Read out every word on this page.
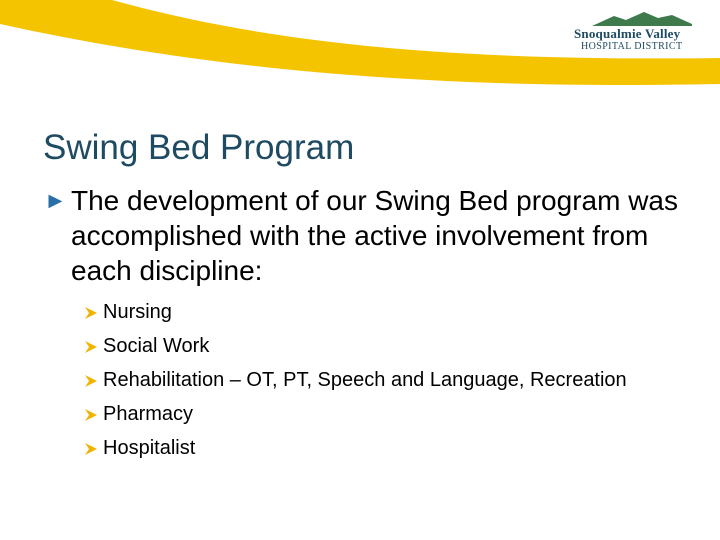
Snoqualmie Valley
HOSPITAL DISTRICT
Swing Bed Program
► The development of our Swing Bed program was accomplished with the active involvement from each discipline:
Nursing
Social Work
Rehabilitation – OT, PT, Speech and Language, Recreation
Pharmacy
Hospitalist
